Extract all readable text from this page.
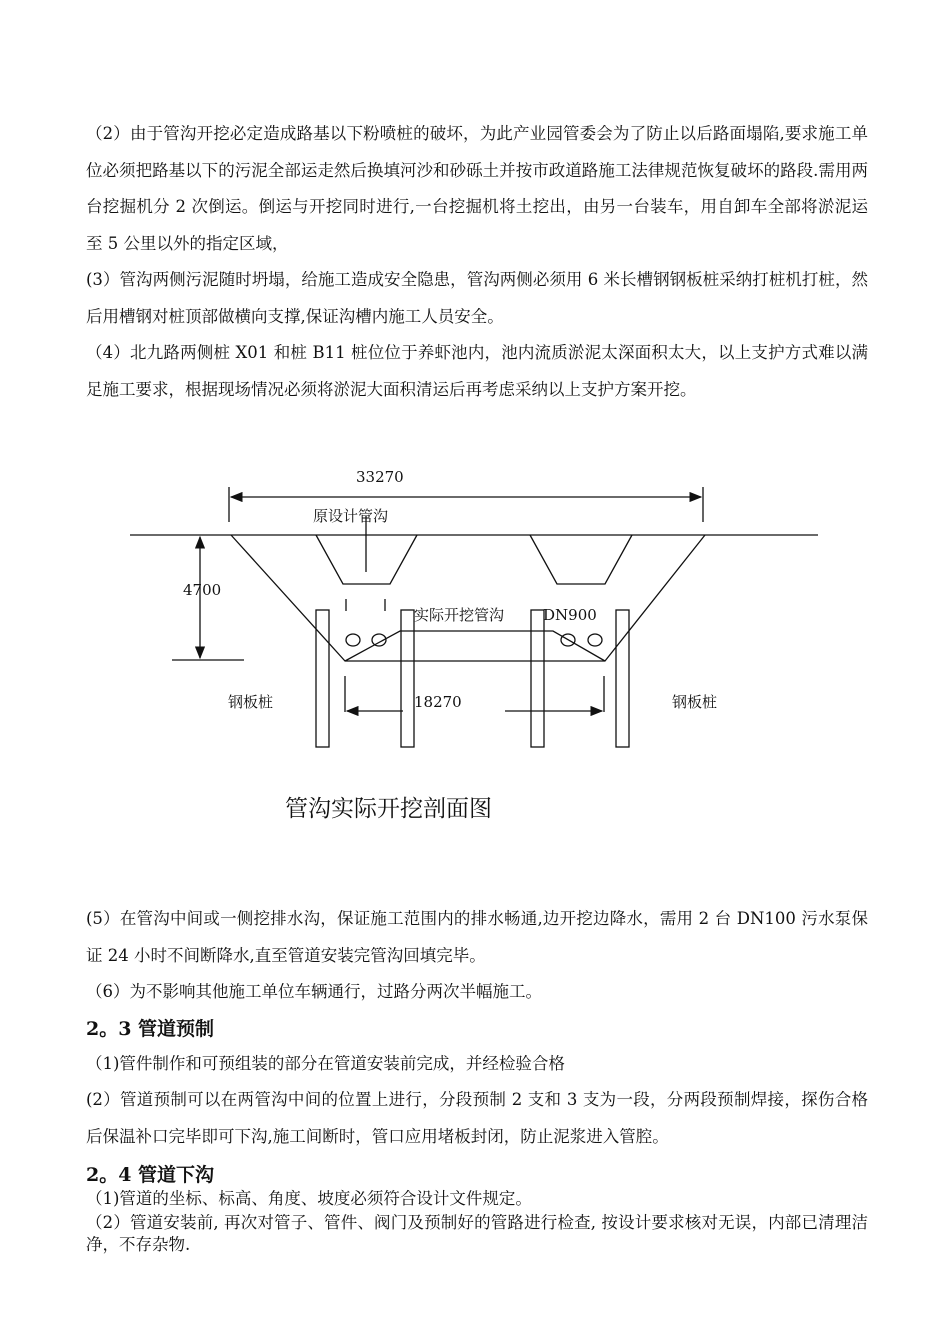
（2）由于管沟开挖必定造成路基以下粉喷桩的破坏，为此产业园管委会为了防止以后路面塌陷,要求施工单位必须把路基以下的污泥全部运走然后换填河沙和砂砾土并按市政道路施工法律规范恢复破坏的路段.需用两台挖掘机分 2 次倒运。倒运与开挖同时进行,一台挖掘机将土挖出，由另一台装车，用自卸车全部将淤泥运至 5 公里以外的指定区域，

(3）管沟两侧污泥随时坍塌，给施工造成安全隐患，管沟两侧必须用 6 米长槽钢钢板桩采纳打桩机打桩，然后用槽钢对桩顶部做横向支撑,保证沟槽内施工人员安全。

（4）北九路两侧桩 X01 和桩 B11 桩位位于养虾池内，池内流质淤泥太深面积太大，以上支护方式难以满足施工要求，根据现场情况必须将淤泥大面积清运后再考虑采纳以上支护方案开挖。

33270
原设计管沟
4700
实际开挖管沟	DN900
18270
钢板桩	钢板桩
管沟实际开挖剖面图

(5）在管沟中间或一侧挖排水沟，保证施工范围内的排水畅通,边开挖边降水，需用 2 台 DN100 污水泵保证 24 小时不间断降水,直至管道安装完管沟回填完毕。

（6）为不影响其他施工单位车辆通行，过路分两次半幅施工。

2。3 管道预制

（1)管件制作和可预组装的部分在管道安装前完成，并经检验合格

(2）管道预制可以在两管沟中间的位置上进行，分段预制 2 支和 3 支为一段，分两段预制焊接，探伤合格后保温补口完毕即可下沟,施工间断时，管口应用堵板封闭，防止泥浆进入管腔。

2。4 管道下沟

（1)管道的坐标、标高、角度、坡度必须符合设计文件规定。

（2）管道安装前, 再次对管子、管件、阀门及预制好的管路进行检查, 按设计要求核对无误，内部已清理洁净，不存杂物.
